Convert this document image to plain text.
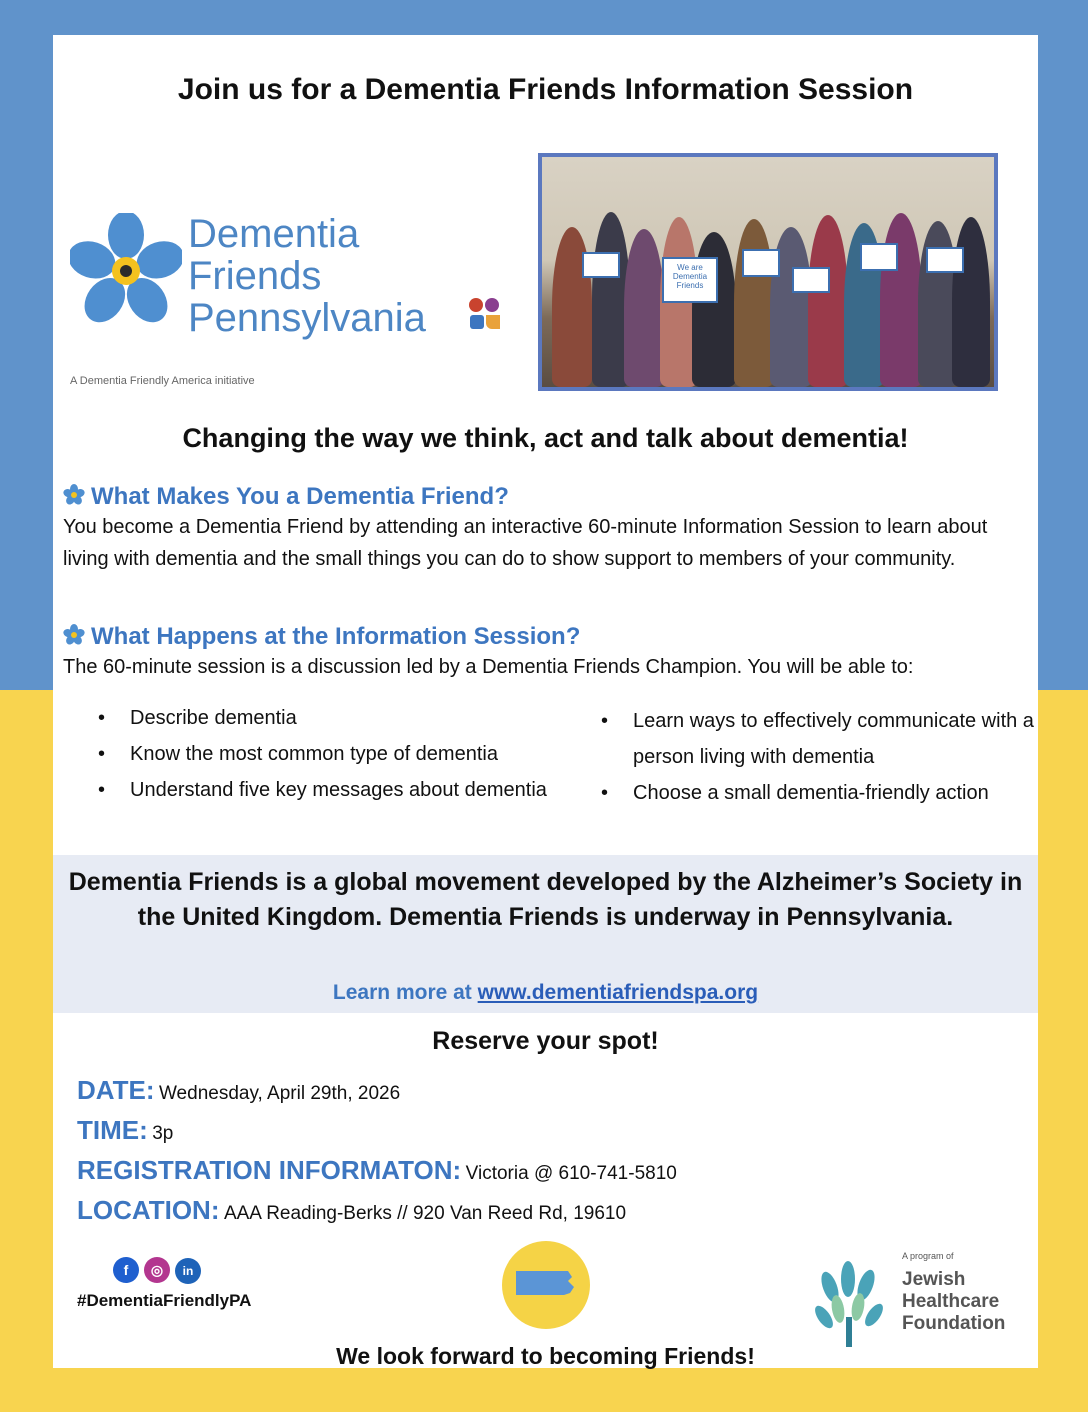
Join us for a Dementia Friends Information Session
Dementia
Friends
Pennsylvania
A Dementia Friendly America initiative
We are Dementia Friends
Changing the way we think, act and talk about dementia!
What Makes You a Dementia Friend?
You become a Dementia Friend by attending an interactive 60-minute Information Session to learn about living with dementia and the small things you can do to show support to members of your community.
What Happens at the Information Session?
The 60-minute session is a discussion led by a Dementia Friends Champion. You will be able to:
• Describe dementia
• Know the most common type of dementia
• Understand five key messages about dementia
• Learn ways to effectively communicate with a person living with dementia
• Choose a small dementia-friendly action
Dementia Friends is a global movement developed by the Alzheimer’s Society in the United Kingdom. Dementia Friends is underway in Pennsylvania.
Learn more at www.dementiafriendspa.org
Reserve your spot!
DATE: Wednesday, April 29th, 2026
TIME: 3p
REGISTRATION INFORMATON: Victoria @ 610-741-5810
LOCATION: AAA Reading-Berks // 920 Van Reed Rd, 19610
f ◎ in
#DementiaFriendlyPA
A program of
Jewish
Healthcare
Foundation
We look forward to becoming Friends!
